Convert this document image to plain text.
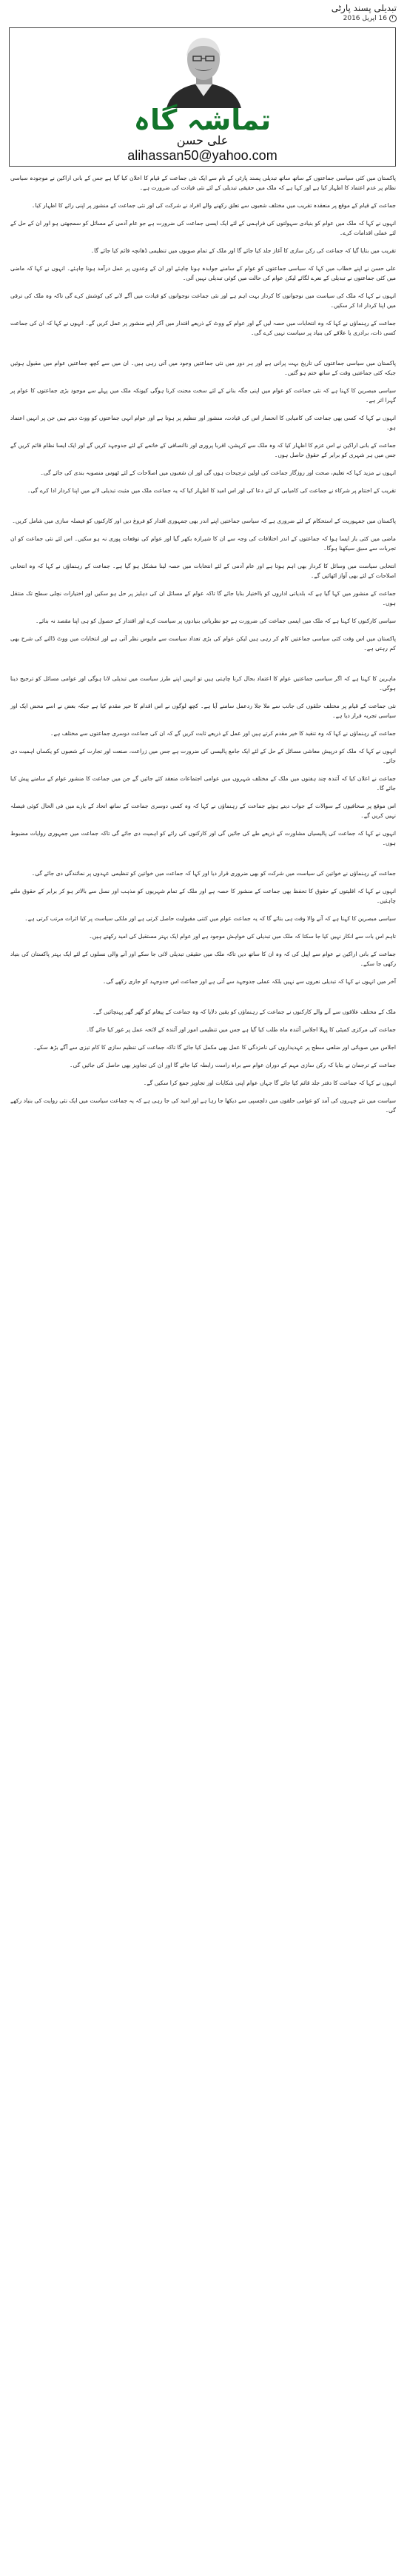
تبدیلی پسند پارٹی
16 اپریل 2016
تماشہ گاہ
علی حسن
alihassan50@yahoo.com

پاکستان میں کئی سیاسی جماعتوں کے ساتھ ساتھ تبدیلی پسند پارٹی کے نام سے ایک نئی جماعت کے قیام کا اعلان کیا گیا ہے جس کے بانی اراکین نے موجودہ سیاسی نظام پر عدم اعتماد کا اظہار کیا ہے اور کہا ہے کہ ملک میں حقیقی تبدیلی کے لئے نئی قیادت کی ضرورت ہے۔

جماعت کے قیام کے موقع پر منعقدہ تقریب میں مختلف شعبوں سے تعلق رکھنے والے افراد نے شرکت کی اور نئی جماعت کے منشور پر اپنی رائے کا اظہار کیا۔

انہوں نے کہا کہ ملک میں عوام کو بنیادی سہولتوں کی فراہمی کے لئے ایک ایسی جماعت کی ضرورت ہے جو عام آدمی کے مسائل کو سمجھتی ہو اور ان کے حل کے لئے عملی اقدامات کرے۔

تقریب میں بتایا گیا کہ جماعت کی رکن سازی کا آغاز جلد کیا جائے گا اور ملک کے تمام صوبوں میں تنظیمی ڈھانچہ قائم کیا جائے گا۔

علی حسن نے اپنے خطاب میں کہا کہ سیاسی جماعتوں کو عوام کے سامنے جوابدہ ہونا چاہئے اور ان کے وعدوں پر عمل درآمد ہونا چاہئے۔ انہوں نے کہا کہ ماضی میں کئی جماعتوں نے تبدیلی کے نعرے لگائے لیکن عوام کی حالت میں کوئی تبدیلی نہیں آئی۔

انہوں نے کہا کہ ملک کی سیاست میں نوجوانوں کا کردار بہت اہم ہے اور نئی جماعت نوجوانوں کو قیادت میں آگے لانے کی کوشش کرے گی تاکہ وہ ملک کی ترقی میں اپنا کردار ادا کر سکیں۔

جماعت کے رہنماؤں نے کہا کہ وہ انتخابات میں حصہ لیں گے اور عوام کے ووٹ کے ذریعے اقتدار میں آکر اپنے منشور پر عمل کریں گے۔ انہوں نے کہا کہ ان کی جماعت کسی ذات، برادری یا علاقے کی بنیاد پر سیاست نہیں کرے گی۔

پاکستان میں سیاسی جماعتوں کی تاریخ بہت پرانی ہے اور ہر دور میں نئی جماعتیں وجود میں آتی رہی ہیں۔ ان میں سے کچھ جماعتیں عوام میں مقبول ہوئیں جبکہ کئی جماعتیں وقت کے ساتھ ختم ہو گئیں۔

سیاسی مبصرین کا کہنا ہے کہ نئی جماعت کو عوام میں اپنی جگہ بنانے کے لئے سخت محنت کرنا ہوگی کیونکہ ملک میں پہلے سے موجود بڑی جماعتوں کا عوام پر گہرا اثر ہے۔

انہوں نے کہا کہ کسی بھی جماعت کی کامیابی کا انحصار اس کی قیادت، منشور اور تنظیم پر ہوتا ہے اور عوام انہی جماعتوں کو ووٹ دیتے ہیں جن پر انہیں اعتماد ہو۔

جماعت کے بانی اراکین نے اس عزم کا اظہار کیا کہ وہ ملک سے کرپشن، اقربا پروری اور ناانصافی کے خاتمے کے لئے جدوجہد کریں گے اور ایک ایسا نظام قائم کریں گے جس میں ہر شہری کو برابر کے حقوق حاصل ہوں۔

انہوں نے مزید کہا کہ تعلیم، صحت اور روزگار جماعت کی اولین ترجیحات ہوں گی اور ان شعبوں میں اصلاحات کے لئے ٹھوس منصوبہ بندی کی جائے گی۔

تقریب کے اختتام پر شرکاء نے جماعت کی کامیابی کے لئے دعا کی اور اس امید کا اظہار کیا کہ یہ جماعت ملک میں مثبت تبدیلی لانے میں اپنا کردار ادا کرے گی۔

پاکستان میں جمہوریت کے استحکام کے لئے ضروری ہے کہ سیاسی جماعتیں اپنے اندر بھی جمہوری اقدار کو فروغ دیں اور کارکنوں کو فیصلہ سازی میں شامل کریں۔

ماضی میں کئی بار ایسا ہوا کہ جماعتوں کے اندر اختلافات کی وجہ سے ان کا شیرازہ بکھر گیا اور عوام کی توقعات پوری نہ ہو سکیں۔ اس لئے نئی جماعت کو ان تجربات سے سبق سیکھنا ہوگا۔

انتخابی سیاست میں وسائل کا کردار بھی اہم ہوتا ہے اور عام آدمی کے لئے انتخابات میں حصہ لینا مشکل ہو گیا ہے۔ جماعت کے رہنماؤں نے کہا کہ وہ انتخابی اصلاحات کے لئے بھی آواز اٹھائیں گے۔

جماعت کے منشور میں کہا گیا ہے کہ بلدیاتی اداروں کو بااختیار بنایا جائے گا تاکہ عوام کے مسائل ان کی دہلیز پر حل ہو سکیں اور اختیارات نچلی سطح تک منتقل ہوں۔

سیاسی کارکنوں کا کہنا ہے کہ ملک میں ایسی جماعت کی ضرورت ہے جو نظریاتی بنیادوں پر سیاست کرے اور اقتدار کے حصول کو ہی اپنا مقصد نہ بنائے۔

پاکستان میں اس وقت کئی سیاسی جماعتیں کام کر رہی ہیں لیکن عوام کی بڑی تعداد سیاست سے مایوس نظر آتی ہے اور انتخابات میں ووٹ ڈالنے کی شرح بھی کم رہتی ہے۔

ماہرین کا کہنا ہے کہ اگر سیاسی جماعتیں عوام کا اعتماد بحال کرنا چاہتی ہیں تو انہیں اپنے طرز سیاست میں تبدیلی لانا ہوگی اور عوامی مسائل کو ترجیح دینا ہوگی۔

نئی جماعت کے قیام پر مختلف حلقوں کی جانب سے ملا جلا ردعمل سامنے آیا ہے۔ کچھ لوگوں نے اس اقدام کا خیر مقدم کیا ہے جبکہ بعض نے اسے محض ایک اور سیاسی تجربہ قرار دیا ہے۔

جماعت کے رہنماؤں نے کہا کہ وہ تنقید کا خیر مقدم کرتے ہیں اور عمل کے ذریعے ثابت کریں گے کہ ان کی جماعت دوسری جماعتوں سے مختلف ہے۔

انہوں نے کہا کہ ملک کو درپیش معاشی مسائل کے حل کے لئے ایک جامع پالیسی کی ضرورت ہے جس میں زراعت، صنعت اور تجارت کے شعبوں کو یکساں اہمیت دی جائے۔

جماعت نے اعلان کیا کہ آئندہ چند ہفتوں میں ملک کے مختلف شہروں میں عوامی اجتماعات منعقد کئے جائیں گے جن میں جماعت کا منشور عوام کے سامنے پیش کیا جائے گا۔

اس موقع پر صحافیوں کے سوالات کے جواب دیتے ہوئے جماعت کے رہنماؤں نے کہا کہ وہ کسی دوسری جماعت کے ساتھ اتحاد کے بارے میں فی الحال کوئی فیصلہ نہیں کریں گے۔

انہوں نے کہا کہ جماعت کی پالیسیاں مشاورت کے ذریعے طے کی جائیں گی اور کارکنوں کی رائے کو اہمیت دی جائے گی تاکہ جماعت میں جمہوری روایات مضبوط ہوں۔

جماعت کے رہنماؤں نے خواتین کی سیاست میں شرکت کو بھی ضروری قرار دیا اور کہا کہ جماعت میں خواتین کو تنظیمی عہدوں پر نمائندگی دی جائے گی۔

انہوں نے کہا کہ اقلیتوں کے حقوق کا تحفظ بھی جماعت کے منشور کا حصہ ہے اور ملک کے تمام شہریوں کو مذہب اور نسل سے بالاتر ہو کر برابر کے حقوق ملنے چاہئیں۔

سیاسی مبصرین کا کہنا ہے کہ آنے والا وقت ہی بتائے گا کہ یہ جماعت عوام میں کتنی مقبولیت حاصل کرتی ہے اور ملکی سیاست پر کیا اثرات مرتب کرتی ہے۔

تاہم اس بات سے انکار نہیں کیا جا سکتا کہ ملک میں تبدیلی کی خواہش موجود ہے اور عوام ایک بہتر مستقبل کی امید رکھتے ہیں۔

جماعت کے بانی اراکین نے عوام سے اپیل کی کہ وہ ان کا ساتھ دیں تاکہ ملک میں حقیقی تبدیلی لائی جا سکے اور آنے والی نسلوں کے لئے ایک بہتر پاکستان کی بنیاد رکھی جا سکے۔

آخر میں انہوں نے کہا کہ تبدیلی نعروں سے نہیں بلکہ عملی جدوجہد سے آتی ہے اور جماعت اس جدوجہد کو جاری رکھے گی۔

ملک کے مختلف علاقوں سے آنے والے کارکنوں نے جماعت کے رہنماؤں کو یقین دلایا کہ وہ جماعت کے پیغام کو گھر گھر پہنچائیں گے۔

جماعت کی مرکزی کمیٹی کا پہلا اجلاس آئندہ ماہ طلب کیا گیا ہے جس میں تنظیمی امور اور آئندہ کے لائحہ عمل پر غور کیا جائے گا۔

اجلاس میں صوبائی اور ضلعی سطح پر عہدیداروں کی نامزدگی کا عمل بھی مکمل کیا جائے گا تاکہ جماعت کی تنظیم سازی کا کام تیزی سے آگے بڑھ سکے۔

جماعت کے ترجمان نے بتایا کہ رکن سازی مہم کے دوران عوام سے براہ راست رابطہ کیا جائے گا اور ان کی تجاویز بھی حاصل کی جائیں گی۔

انہوں نے کہا کہ جماعت کا دفتر جلد قائم کیا جائے گا جہاں عوام اپنی شکایات اور تجاویز جمع کرا سکیں گے۔

سیاست میں نئے چہروں کی آمد کو عوامی حلقوں میں دلچسپی سے دیکھا جا رہا ہے اور امید کی جا رہی ہے کہ یہ جماعت سیاست میں ایک نئی روایت کی بنیاد رکھے گی۔
